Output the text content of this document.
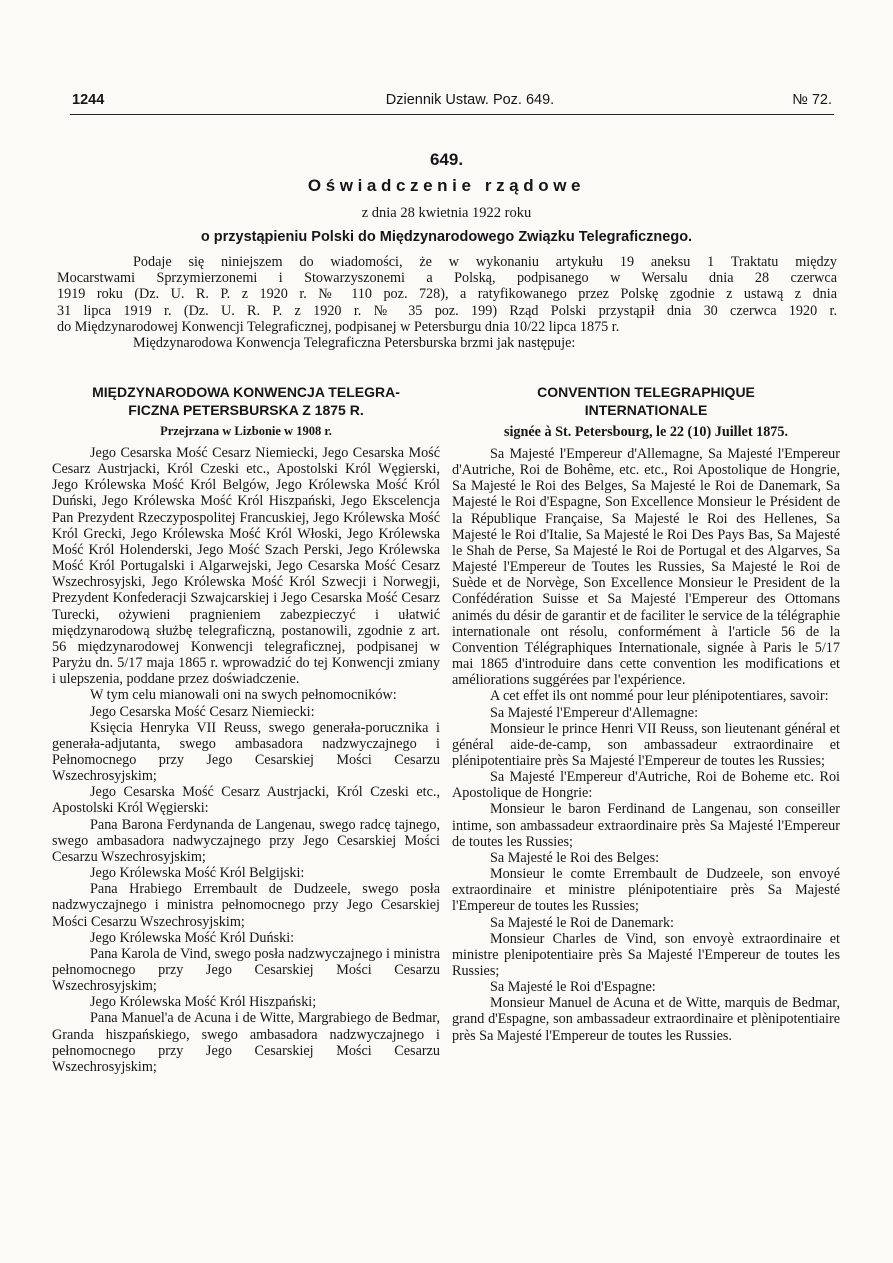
1244	Dziennik Ustaw. Poz. 649.	№ 72.
649.
Oświadczenie rządowe
z dnia 28 kwietnia 1922 roku
o przystąpieniu Polski do Międzynarodowego Związku Telegraficznego.
Podaje się niniejszem do wiadomości, że w wykonaniu artykułu 19 aneksu 1 Traktatu między
Mocarstwami Sprzymierzonemi i Stowarzyszonemi a Polską, podpisanego w Wersalu dnia 28 czerwca
1919 roku (Dz. U. R. P. z 1920 r. № 110 poz. 728), a ratyfikowanego przez Polskę zgodnie z ustawą z dnia
31 lipca 1919 r. (Dz. U. R. P. z 1920 r. № 35 poz. 199) Rząd Polski przystąpił dnia 30 czerwca 1920 r.
do Międzynarodowej Konwencji Telegraficznej, podpisanej w Petersburgu dnia 10/22 lipca 1875 r.
Międzynarodowa Konwencja Telegraficzna Petersburska brzmi jak następuje:
MIĘDZYNARODOWA KONWENCJA TELEGRA-
FICZNA PETERSBURSKA Z 1875 R.
Przejrzana w Lizbonie w 1908 r.

Jego Cesarska Mość Cesarz Niemiecki, Jego Cesarska Mość Cesarz Austrjacki, Król Czeski etc., Apostolski Król Węgierski, Jego Królewska Mość Król Belgów, Jego Królewska Mość Król Duński, Jego Królewska Mość Król Hiszpański, Jego Ekscelencja Pan Prezydent Rzeczypospolitej Francuskiej, Jego Królewska Mość Król Grecki, Jego Królewska Mość Król Włoski, Jego Królewska Mość Król Holenderski, Jego Mość Szach Perski, Jego Królewska Mość Król Portugalski i Algarwejski, Jego Cesarska Mość Cesarz Wszechrosyjski, Jego Królewska Mość Król Szwecji i Norwegji, Prezydent Konfederacji Szwajcarskiej i Jego Cesarska Mość Cesarz Turecki, ożywieni pragnieniem zabezpieczyć i ułatwić międzynarodową służbę telegraficzną, postanowili, zgodnie z art. 56 międzynarodowej Konwencji telegraficznej, podpisanej w Paryżu dn. 5/17 maja 1865 r. wprowadzić do tej Konwencji zmiany i ulepszenia, poddane przez doświadczenie.

W tym celu mianowali oni na swych pełnomocników:

Jego Cesarska Mość Cesarz Niemiecki:

Księcia Henryka VII Reuss, swego generała-porucznika i generała-adjutanta, swego ambasadora nadzwyczajnego i Pełnomocnego przy Jego Cesarskiej Mości Cesarzu Wszechrosyjskim;

Jego Cesarska Mość Cesarz Austrjacki, Król Czeski etc., Apostolski Król Węgierski:

Pana Barona Ferdynanda de Langenau, swego radcę tajnego, swego ambasadora nadwyczajnego przy Jego Cesarskiej Mości Cesarzu Wszechrosyjskim;

Jego Królewska Mość Król Belgijski:

Pana Hrabiego Errembault de Dudzeele, swego posła nadzwyczajnego i ministra pełnomocnego przy Jego Cesarskiej Mości Cesarzu Wszechrosyjskim;

Jego Królewska Mość Król Duński:

Pana Karola de Vind, swego posła nadzwyczajnego i ministra pełnomocnego przy Jego Cesarskiej Mości Cesarzu Wszechrosyjskim;

Jego Królewska Mość Król Hiszpański;

Pana Manuel'a de Acuna i de Witte, Margrabiego de Bedmar, Granda hiszpańskiego, swego ambasadora nadzwyczajnego i pełnomocnego przy Jego Cesarskiej Mości Cesarzu Wszechrosyjskim;

CONVENTION TELEGRAPHIQUE
INTERNATIONALE
signée à St. Petersbourg, le 22 (10) Juillet 1875.

Sa Majesté l'Empereur d'Allemagne, Sa Majesté l'Empereur d'Autriche, Roi de Bohême, etc. etc., Roi Apostolique de Hongrie, Sa Majesté le Roi des Belges, Sa Majesté le Roi de Danemark, Sa Majesté le Roi d'Espagne, Son Excellence Monsieur le Président de la République Française, Sa Majesté le Roi des Hellenes, Sa Majesté le Roi d'Italie, Sa Majesté le Roi Des Pays Bas, Sa Majesté le Shah de Perse, Sa Majesté le Roi de Portugal et des Algarves, Sa Majesté l'Empereur de Toutes les Russies, Sa Majesté le Roi de Suède et de Norvège, Son Excellence Monsieur le President de la Confédération Suisse et Sa Majesté l'Empereur des Ottomans animés du désir de garantir et de faciliter le service de la télégraphie internationale ont résolu, conformément à l'article 56 de la Convention Télégraphiques Internationale, signée à Paris le 5/17 mai 1865 d'introduire dans cette convention les modifications et améliorations suggérées par l'expérience.

A cet effet ils ont nommé pour leur plénipotentiares, savoir:

Sa Majesté l'Empereur d'Allemagne:

Monsieur le prince Henri VII Reuss, son lieutenant général et général aide-de-camp, son ambassadeur extraordinaire et plénipotentiaire près Sa Majesté l'Empereur de toutes les Russies;

Sa Majesté l'Empereur d'Autriche, Roi de Boheme etc. Roi Apostolique de Hongrie:

Monsieur le baron Ferdinand de Langenau, son conseiller intime, son ambassadeur extraordinaire près Sa Majesté l'Empereur de toutes les Russies;

Sa Majesté le Roi des Belges:

Monsieur le comte Errembault de Dudzeele, son envoyé extraordinaire et ministre plénipotentiaire près Sa Majesté l'Empereur de toutes les Russies;

Sa Majesté le Roi de Danemark:

Monsieur Charles de Vind, son envoyè extraordinaire et ministre plenipotentiaire près Sa Majesté l'Empereur de toutes les Russies;

Sa Majesté le Roi d'Espagne:

Monsieur Manuel de Acuna et de Witte, marquis de Bedmar, grand d'Espagne, son ambassadeur extraordinaire et plènipotentiaire près Sa Majesté l'Empereur de toutes les Russies.
